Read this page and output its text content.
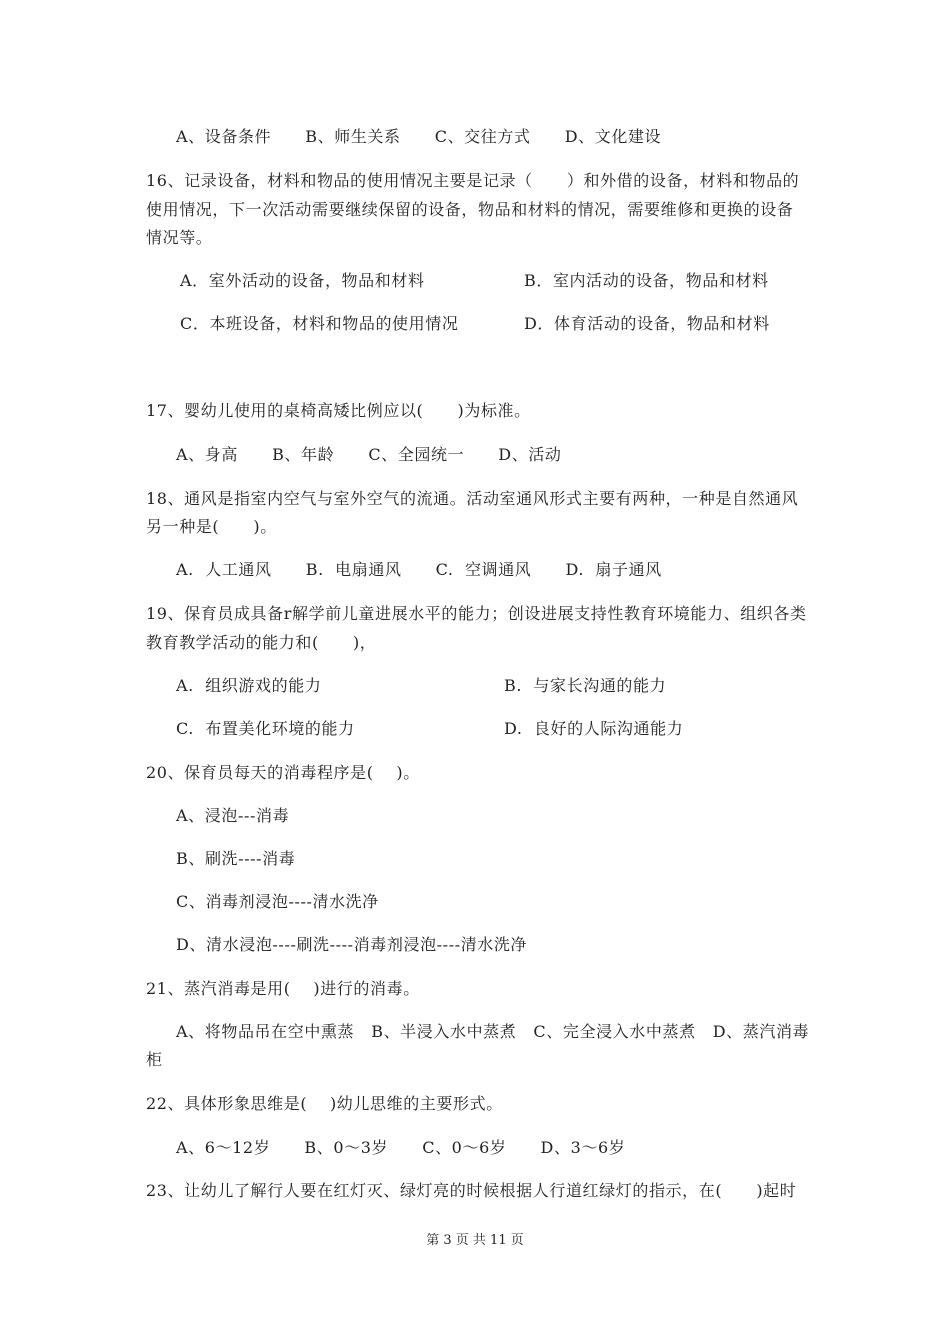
A、设备条件      B、师生关系      C、交往方式      D、文化建设
16、记录设备，材料和物品的使用情况主要是记录（      ）和外借的设备，材料和物品的
使用情况，下一次活动需要继续保留的设备，物品和材料的情况，需要维修和更换的设备
情况等。
A．室外活动的设备，物品和材料	B．室内活动的设备，物品和材料
C．本班设备，材料和物品的使用情况	D．体育活动的设备，物品和材料
17、婴幼儿使用的桌椅高矮比例应以(      )为标准。
A、身高      B、年龄      C、全园统一      D、活动
18、通风是指室内空气与室外空气的流通。活动室通风形式主要有两种，一种是自然通风
另一种是(      )。
A.  人工通风      B.  电扇通风      C.  空调通风      D.  扇子通风
19、保育员成具备r解学前儿童进展水平的能力；创设进展支持性教育环境能力、组织各类
教育教学活动的能力和(      )，
A.  组织游戏的能力	B.  与家长沟通的能力
C.  布置美化环境的能力	D.  良好的人际沟通能力
20、保育员每天的消毒程序是(    )。
A、浸泡---消毒
B、刷洗----消毒
C、消毒剂浸泡----清水洗净
D、清水浸泡----刷洗----消毒剂浸泡----清水洗净
21、蒸汽消毒是用(    )进行的消毒。
A、将物品吊在空中熏蒸   B、半浸入水中蒸煮   C、完全浸入水中蒸煮   D、蒸汽消毒
柜
22、具体形象思维是(    )幼儿思维的主要形式。
A、6～12岁      B、0～3岁      C、0～6岁      D、3～6岁
23、让幼儿了解行人要在红灯灭、绿灯亮的时候根据人行道红绿灯的指示，在(      )起时
第 3 页 共 11 页
